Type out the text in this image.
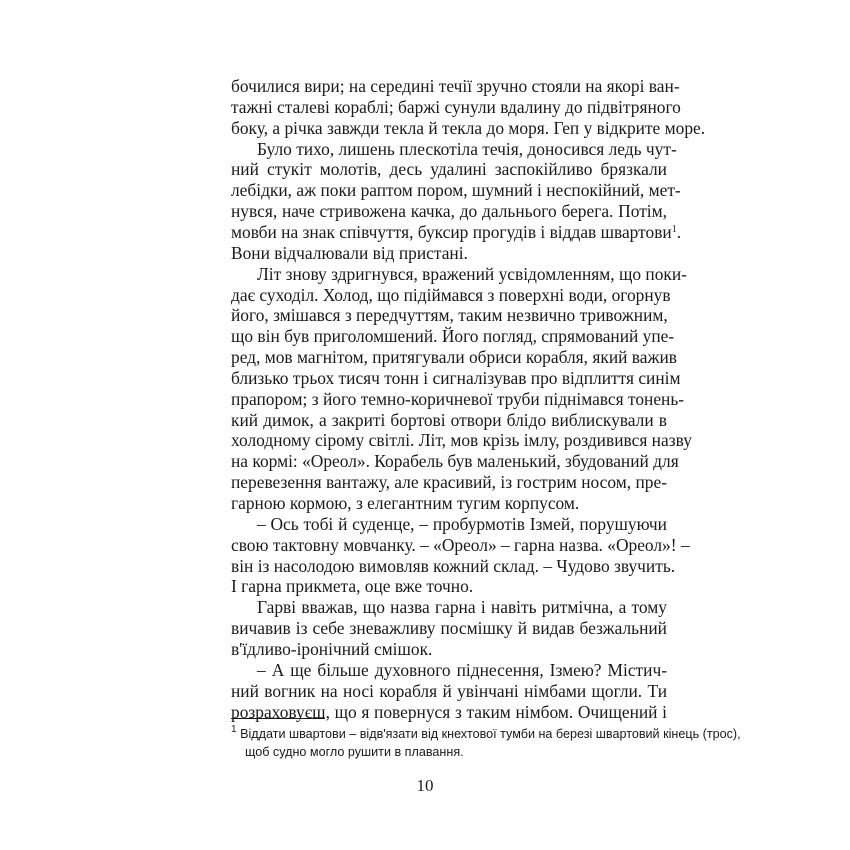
бочилися вири; на середині течії зручно стояли на якорі ван-
тажні сталеві кораблі; баржі сунули вдалину до підвітряного
боку, а річка завжди текла й текла до моря. Геп у відкрите море.
Було тихо, лишень плескотіла течія, доносився ледь чут-
ний стукіт молотів, десь удалині заспокійливо брязкали
лебідки, аж поки раптом пором, шумний і неспокійний, мет-
нувся, наче стривожена качка, до дальнього берега. Потім,
мовби на знак співчуття, буксир прогудів і віддав швартови$^1$.
Вони відчалювали від пристані.
Літ знову здригнувся, вражений усвідомленням, що поки-
дає суходіл. Холод, що підіймався з поверхні води, огорнув
його, змішався з передчуттям, таким незвично тривожним,
що він був приголомшений. Його погляд, спрямований упе-
ред, мов магнітом, притягували обриси корабля, який важив
близько трьох тисяч тонн і сигналізував про відплиття синім
прапором; з його темно-коричневої труби піднімався тонень-
кий димок, а закриті бортові отвори блідо виблискували в
холодному сірому світлі. Літ, мов крізь імлу, роздивився назву
на кормі: «Ореол». Корабель був маленький, збудований для
перевезення вантажу, але красивий, із гострим носом, пре-
гарною кормою, з елегантним тугим корпусом.
– Ось тобі й суденце, – пробурмотів Ізмей, порушуючи
свою тактовну мовчанку. – «Ореол» – гарна назва. «Ореол»! –
він із насолодою вимовляв кожний склад. – Чудово звучить.
І гарна прикмета, оце вже точно.
Гарві вважав, що назва гарна і навіть ритмічна, а тому
вичавив із себе зневажливу посмішку й видав безжальний
в'їдливо-іронічний смішок.
– А ще більше духовного піднесення, Ізмею? Містич-
ний вогник на носі корабля й увінчані німбами щогли. Ти
розраховуєш, що я повернуся з таким німбом. Очищений і
$^1$ Віддати швартови – відв'язати від кнехтової тумби на березі швартовий кінець (трос),
щоб судно могло рушити в плавання.
10
